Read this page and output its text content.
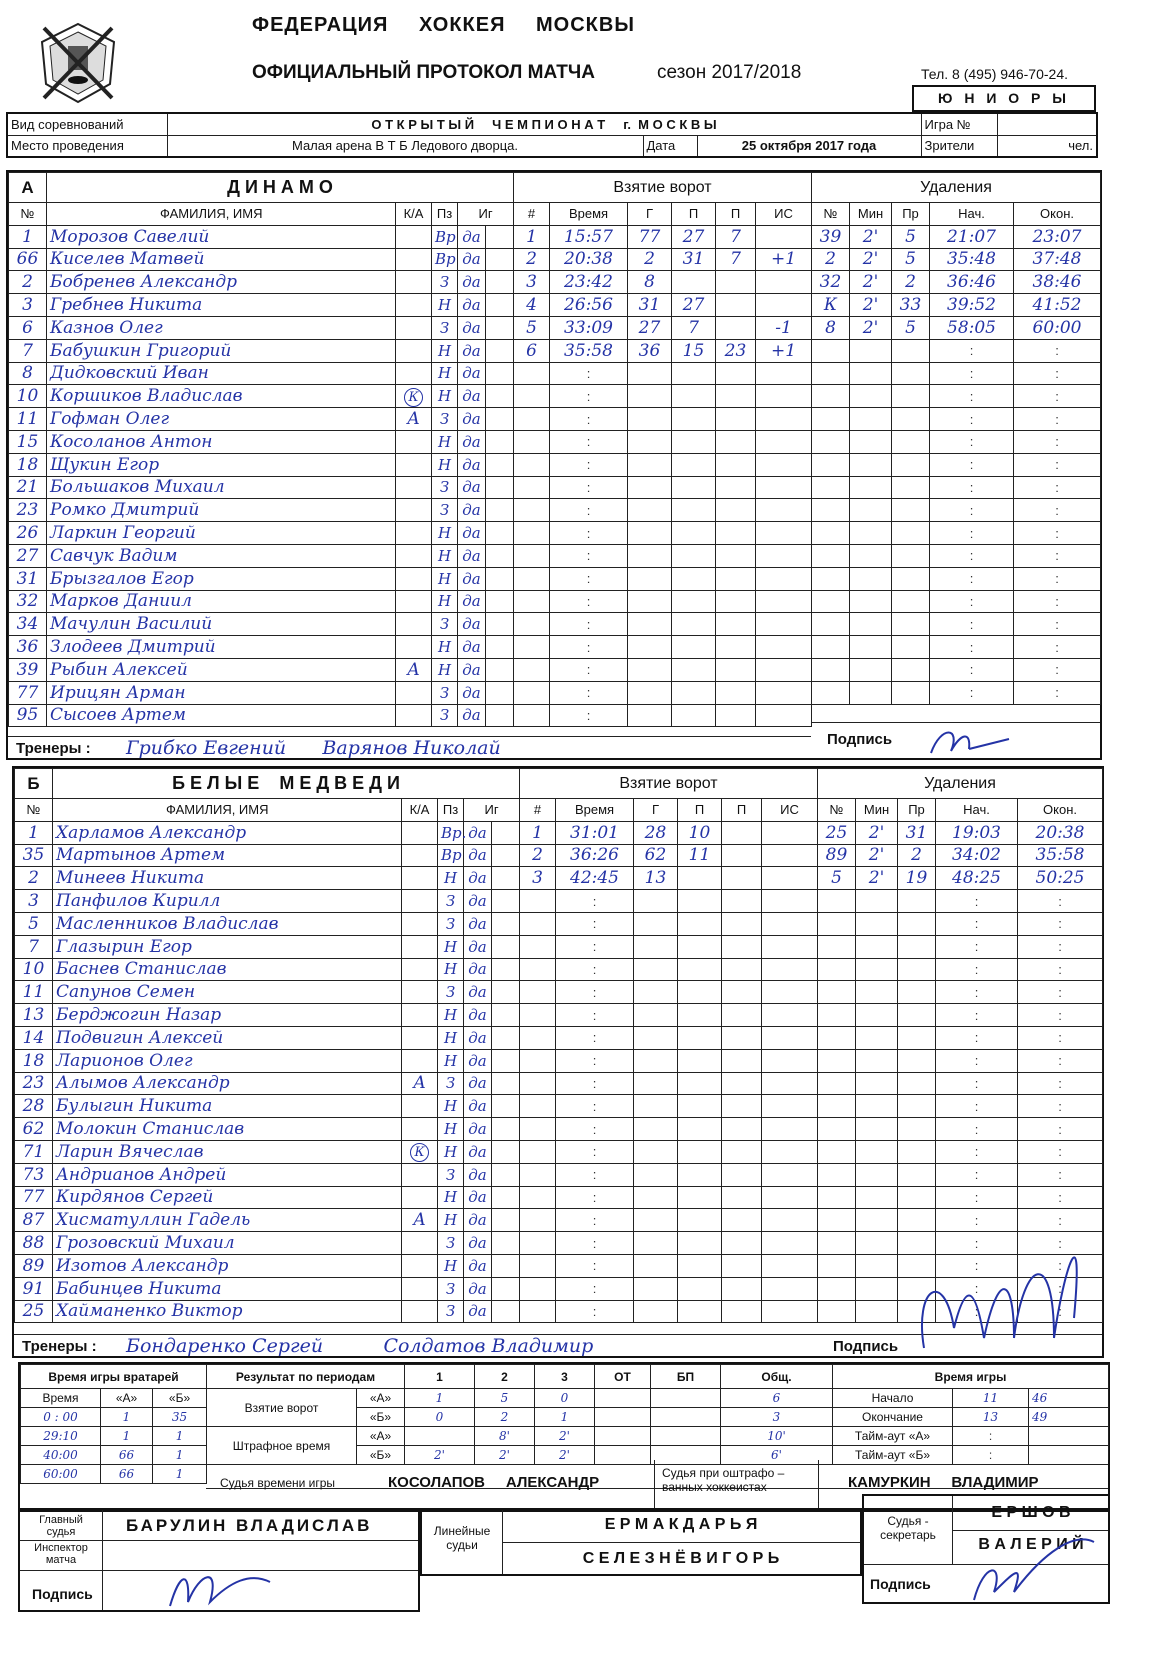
ФЕДЕРАЦИЯ ХОККЕЯ МОСКВЫ
ОФИЦИАЛЬНЫЙ ПРОТОКОЛ МАТЧА	сезон 2017/2018	Тел. 8 (495) 946-70-24.
Ю Н И О Р Ы
Вид соревнований	О Т К Р Ы Т Ы Й     Ч Е М П И О Н А Т     г.  М О С К В Ы			Игра №	
Место проведения	Малая арена В Т Б Ледового дворца.	Дата	25 октября 2017 года	Зрители	чел.
А	Д И Н А М О				
№	ФАМИЛИЯ, ИМЯ	К/А	Пз	Иг	
1	Морозов Савелий		Вр	да	
66	Киселев Матвей		Вр	да	
2	Бобренев Александр		З	да	
3	Гребнев Никита		Н	да	
6	Казнов Олег		З	да	
7	Бабушкин Григорий		Н	да	
8	Дидковский Иван		Н	да	
10	Коршиков Владислав	К	Н	да	
11	Гофман Олег	А	З	да	
15	Косоланов Антон		Н	да	
18	Щукин Егор		Н	да	
21	Большаков Михаил		З	да	
23	Ромко Дмитрий		З	да	
26	Ларкин Георгий		Н	да	
27	Савчук Вадим		Н	да	
31	Брызгалов Егор		Н	да	
32	Марков Даниил		Н	да	
34	Мачулин Василий		З	да	
36	Злодеев Дмитрий		Н	да	
39	Рыбин Алексей	А	Н	да	
77	Ирицян Арман		З	да	
95	Сысоев Артем		З	да	
Взятие ворот					
#	Время	Г	П	П	ИС
1	15:57	77	27	7	
2	20:38	2	31	7	+1
3	23:42	8			
4	26:56	31	27		
5	33:09	27	7		-1
6	35:58	36	15	23	+1
	:				
	:				
	:				
	:				
	:				
	:				
	:				
	:				
	:				
	:				
	:				
	:				
	:				
	:				
	:				
	:				
Удаления				
№	Мин	Пр	Нач.	Окон.
39	2'	5	21:07	23:07
2	2'	5	35:48	37:48
32	2'	2	36:46	38:46
К	2'	33	39:52	41:52
8	2'	5	58:05	60:00
			:	:
			:	:
			:	:
			:	:
			:	:
			:	:
			:	:
			:	:
			:	:
			:	:
			:	:
			:	:
			:	:
			:	:
			:	:
			:	:
Тренеры : Грибко Евгений      Варянов Николай	Подпись
Б	Б Е Л Ы Е    М Е Д В Е Д И				
№	ФАМИЛИЯ, ИМЯ	К/А	Пз	Иг	
1	Харламов Александр		Вр.	да	
35	Мартынов Артем		Вр	да	
2	Минеев Никита		Н	да	
3	Панфилов Кирилл		З	да	
5	Масленников Владислав		З	да	
7	Глазырин Егор		Н	да	
10	Баснев Станислав		Н	да	
11	Сапунов Семен		З	да	
13	Берджогин Назар		Н	да	
14	Подвигин Алексей		Н	да	
18	Ларионов Олег		Н	да	
23	Алымов Александр	А	З	да	
28	Булыгин Никита		Н	да	
62	Молокин Станислав		Н	да	
71	Ларин Вячеслав	К	Н	да	
73	Андрианов Андрей		З	да	
77	Кирдянов Сергей		Н	да	
87	Хисматуллин Гадель	А	Н	да	
88	Грозовский Михаил		З	да	
89	Изотов Александр		Н	да	
91	Бабинцев Никита		З	да	
25	Хайманенко Виктор		З	да	
Взятие ворот					
#	Время	Г	П	П	ИС
1	31:01	28	10		
2	36:26	62	11		
3	42:45	13			
	:				
	:				
	:				
	:				
	:				
	:				
	:				
	:				
	:				
	:				
	:				
	:				
	:				
	:				
	:				
	:				
	:				
	:				
	:				
Удаления				
№	Мин	Пр	Нач.	Окон.
25	2'	31	19:03	20:38
89	2'	2	34:02	35:58
5	2'	19	48:25	50:25
			:	:
			:	:
			:	:
			:	:
			:	:
			:	:
			:	:
			:	:
			:	:
			:	:
			:	:
			:	:
			:	:
			:	:
			:	:
			:	:
			:	:
			:	:
			:	:
Тренеры : Бондаренко Сергей          Солдатов Владимир	Подпись
Время игры вратарей		
Время	«А»	«Б»
0 : 00	1	35
29:10	1	1
40:00	66	1
60:00	66	1
Результат по периодам		1	2	3	ОТ	БП	Общ.
Взятие ворот	«А»	1	5	0			6
	«Б»	0	2	1			3
Штрафное время	«А»		8'	2'			10'
	«Б»	2'	2'	2'			6'
Время игры		
Начало	11	46
Окончание	13	49
Тайм-аут «А»	:	
Тайм-аут «Б»	:	
Судья времени игры	КОСОЛАПОВ     АЛЕКСАНДР
Судья при оштрафо – ванных хоккеистах	КАМУРКИН     ВЛАДИМИР
Главный судья	БАРУЛИН ВЛАДИСЛАВ
Инспектор матча
Подпись
Линейные судьи
Е Р М А К Д А Р Ь Я
С Е Л Е З Н Ё В И Г О Р Ь
Судья - секретарь
Е Р Ш О В
В А Л Е Р И Й
Подпись
